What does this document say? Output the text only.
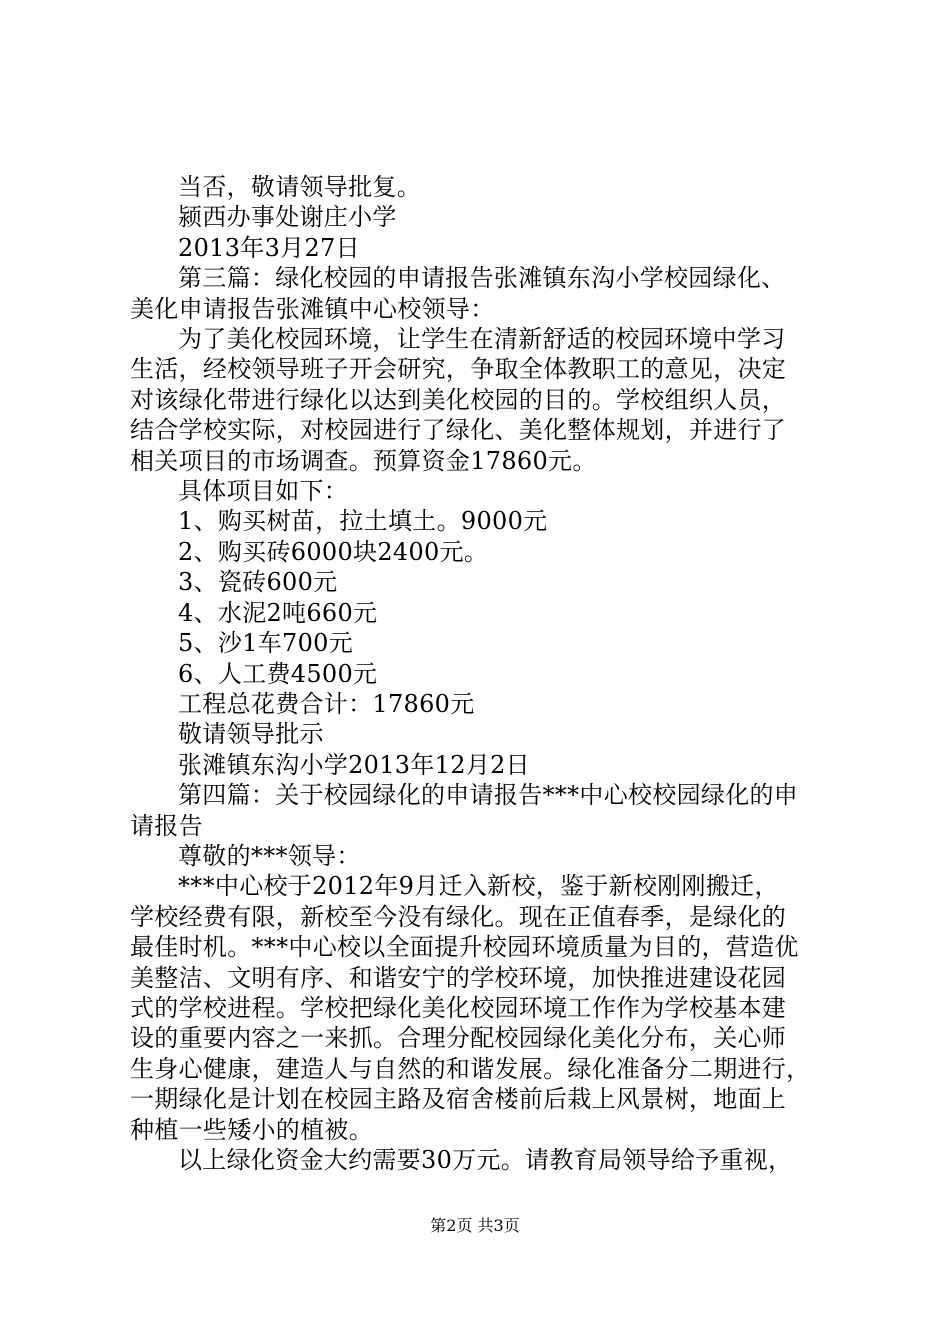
当否，敬请领导批复。

颍西办事处谢庄小学

2013年3月27日

第三篇：绿化校园的申请报告张滩镇东沟小学校园绿化、

美化申请报告张滩镇中心校领导：

为了美化校园环境，让学生在清新舒适的校园环境中学习

生活，经校领导班子开会研究，争取全体教职工的意见，决定

对该绿化带进行绿化以达到美化校园的目的。学校组织人员，

结合学校实际，对校园进行了绿化、美化整体规划，并进行了

相关项目的市场调查。预算资金17860元。

具体项目如下：

1、购买树苗，拉土填土。9000元

2、购买砖6000块2400元。

3、瓷砖600元

4、水泥2吨660元

5、沙1车700元

6、人工费4500元

工程总花费合计：17860元

敬请领导批示

张滩镇东沟小学2013年12月2日

第四篇：关于校园绿化的申请报告***中心校校园绿化的申

请报告

尊敬的***领导：

***中心校于2012年9月迁入新校，鉴于新校刚刚搬迁，

学校经费有限，新校至今没有绿化。现在正值春季，是绿化的

最佳时机。***中心校以全面提升校园环境质量为目的，营造优

美整洁、文明有序、和谐安宁的学校环境，加快推进建设花园

式的学校进程。学校把绿化美化校园环境工作作为学校基本建

设的重要内容之一来抓。合理分配校园绿化美化分布，关心师

生身心健康，建造人与自然的和谐发展。绿化准备分二期进行，

一期绿化是计划在校园主路及宿舍楼前后栽上风景树，地面上

种植一些矮小的植被。

以上绿化资金大约需要30万元。请教育局领导给予重视，

第2页 共3页
